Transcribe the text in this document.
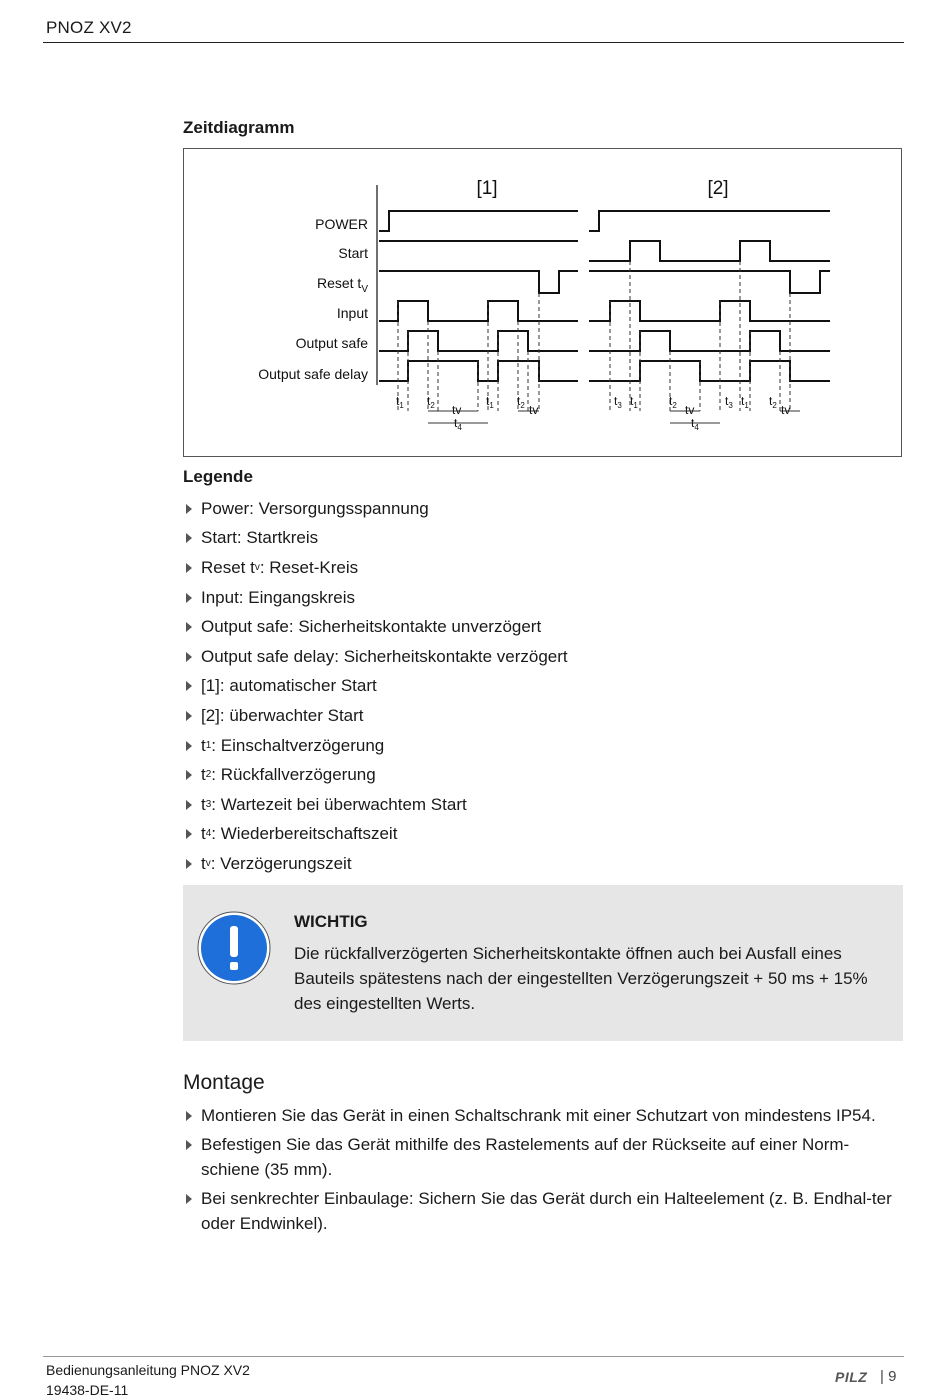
PNOZ XV2
Zeitdiagramm
[1]	[2]
POWER
Start
Reset $t_V$
Input
Output safe
Output safe delay
$t_1$ $t_2$ tv
$t_4$
$t_1$ $t_2$ tv
$t_3$ $t_1$	$t_2$ tv
$t_4$
$t_3$ $t_1$ $t_2$ tv
Legende
Power: Versorgungsspannung
Start: Startkreis
Reset t v : Reset-Kreis
Input: Eingangskreis
Output safe: Sicherheitskontakte unverzögert
Output safe delay: Sicherheitskontakte verzögert
[1]: automatischer Start
[2]: überwachter Start
t 1 : Einschaltverzögerung
t 2 : Rückfallverzögerung
t 3 : Wartezeit bei überwachtem Start
t 4 : Wiederbereitschaftszeit
t v : Verzögerungszeit
WICHTIG
Die rückfallverzögerten Sicherheitskontakte öffnen auch bei Ausfall eines Bauteils spätestens nach der eingestellten Verzögerungszeit + 50 ms + 15% des eingestellten Werts.
Montage
Montieren Sie das Gerät in einen Schaltschrank mit einer Schutzart von mindestens IP54.
Befestigen Sie das Gerät mithilfe des Rastelements auf der Rückseite auf einer Norm-schiene (35 mm).
Bei senkrechter Einbaulage: Sichern Sie das Gerät durch ein Halteelement (z. B. Endhal-ter oder Endwinkel).
Bedienungsanleitung PNOZ XV2
19438-DE-11
PILZ | 9
